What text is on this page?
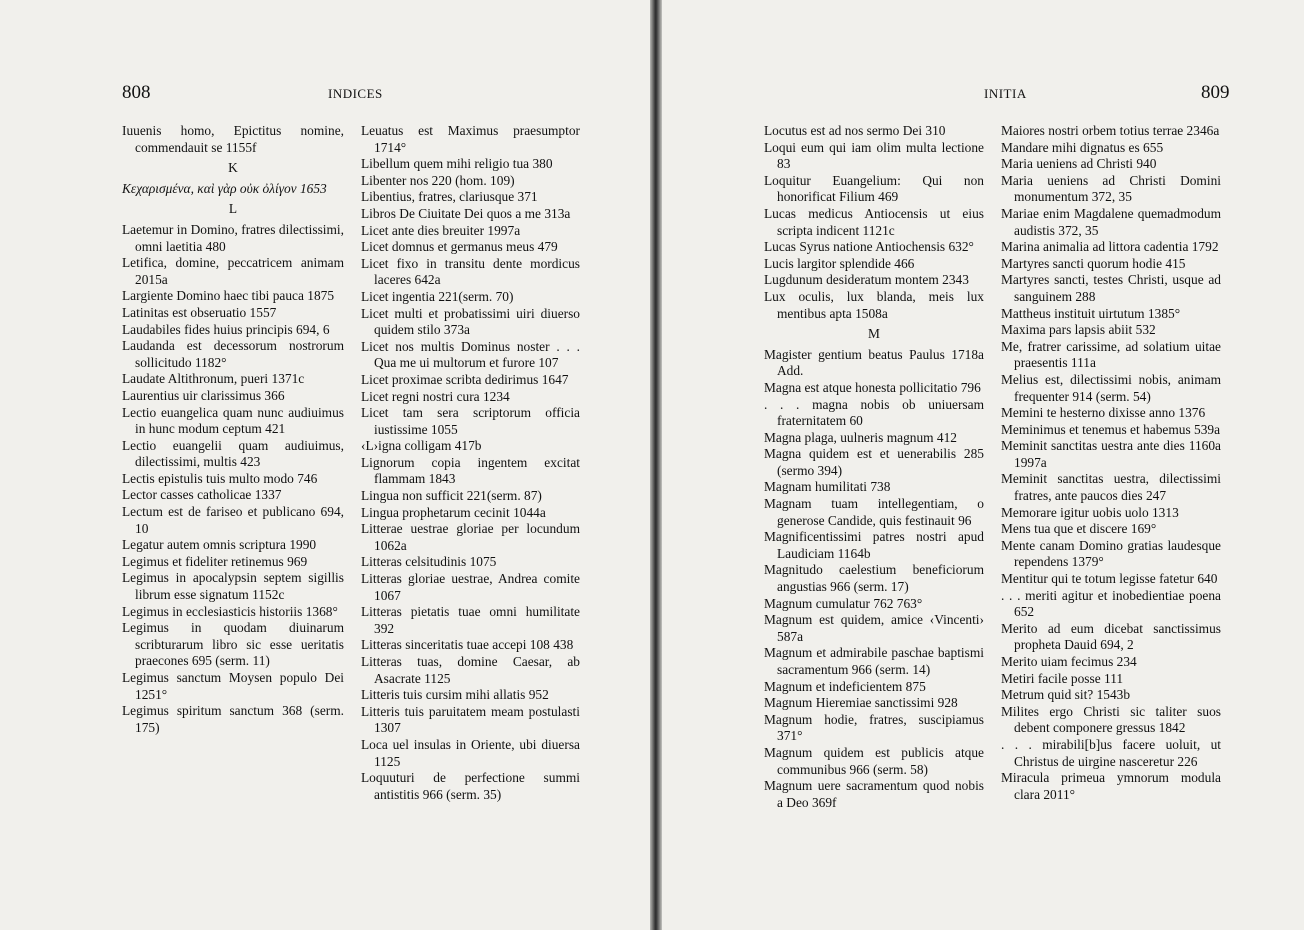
808	INDICES
Iuuenis homo, Epictitus nomine, commendauit se 1155f
K
Κεχαρισμένα, καὶ γὰρ οὐκ ὀλίγον 1653
L
Laetemur in Domino, fratres dilectissimi, omni laetitia 480
Letifica, domine, peccatricem animam 2015a
Largiente Domino haec tibi pauca 1875
Latinitas est obseruatio 1557
Laudabiles fides huius principis 694, 6
Laudanda est decessorum nostrorum sollicitudo 1182°
Laudate Altithronum, pueri 1371c
Laurentius uir clarissimus 366
Lectio euangelica quam nunc audiuimus in hunc modum ceptum 421
Lectio euangelii quam audiuimus, dilectissimi, multis 423
Lectis epistulis tuis multo modo 746
Lector casses catholicae 1337
Lectum est de fariseo et publicano 694, 10
Legatur autem omnis scriptura 1990
Legimus et fideliter retinemus 969
Legimus in apocalypsin septem sigillis librum esse signatum 1152c
Legimus in ecclesiasticis historiis 1368°
Legimus in quodam diuinarum scribturarum libro sic esse ueritatis praecones 695 (serm. 11)
Legimus sanctum Moysen populo Dei 1251°
Legimus spiritum sanctum 368 (serm. 175)
Leuatus est Maximus praesumptor 1714°
Libellum quem mihi religio tua 380
Libenter nos 220 (hom. 109)
Libentius, fratres, clariusque 371
Libros De Ciuitate Dei quos a me 313a
Licet ante dies breuiter 1997a
Licet domnus et germanus meus 479
Licet fixo in transitu dente mordicus laceres 642a
Licet ingentia 221(serm. 70)
Licet multi et probatissimi uiri diuerso quidem stilo 373a
Licet nos multis Dominus noster . . . Qua me ui multorum et furore 107
Licet proximae scribta dedirimus 1647
Licet regni nostri cura 1234
Licet tam sera scriptorum officia iustissime 1055
‹L›igna colligam 417b
Lignorum copia ingentem excitat flammam 1843
Lingua non sufficit 221(serm. 87)
Lingua prophetarum cecinit 1044a
Litterae uestrae gloriae per locundum 1062a
Litteras celsitudinis 1075
Litteras gloriae uestrae, Andrea comite 1067
Litteras pietatis tuae omni humilitate 392
Litteras sinceritatis tuae accepi 108 438
Litteras tuas, domine Caesar, ab Asacrate 1125
Litteris tuis cursim mihi allatis 952
Litteris tuis paruitatem meam postulasti 1307
Loca uel insulas in Oriente, ubi diuersa 1125
Loquuturi de perfectione summi antistitis 966 (serm. 35)
INITIA	809
Locutus est ad nos sermo Dei 310
Loqui eum qui iam olim multa lectione 83
Loquitur Euangelium: Qui non honorificat Filium 469
Lucas medicus Antiocensis ut eius scripta indicent 1121c
Lucas Syrus natione Antiochensis 632°
Lucis largitor splendide 466
Lugdunum desideratum montem 2343
Lux oculis, lux blanda, meis lux mentibus apta 1508a
M
Magister gentium beatus Paulus 1718a Add.
Magna est atque honesta pollicitatio 796
. . . magna nobis ob uniuersam fraternitatem 60
Magna plaga, uulneris magnum 412
Magna quidem est et uenerabilis 285 (sermo 394)
Magnam humilitati 738
Magnam tuam intellegentiam, o generose Candide, quis festinauit 96
Magnificentissimi patres nostri apud Laudiciam 1164b
Magnitudo caelestium beneficiorum angustias 966 (serm. 17)
Magnum cumulatur 762 763°
Magnum est quidem, amice ‹Vincenti› 587a
Magnum et admirabile paschae baptismi sacramentum 966 (serm. 14)
Magnum et indeficientem 875
Magnum Hieremiae sanctissimi 928
Magnum hodie, fratres, suscipiamus 371°
Magnum quidem est publicis atque communibus 966 (serm. 58)
Magnum uere sacramentum quod nobis a Deo 369f
Maiores nostri orbem totius terrae 2346a
Mandare mihi dignatus es 655
Maria ueniens ad Christi 940
Maria ueniens ad Christi Domini monumentum 372, 35
Mariae enim Magdalene quemadmodum audistis 372, 35
Marina animalia ad littora cadentia 1792
Martyres sancti quorum hodie 415
Martyres sancti, testes Christi, usque ad sanguinem 288
Mattheus instituit uirtutum 1385°
Maxima pars lapsis abiit 532
Me, fratrer carissime, ad solatium uitae praesentis 111a
Melius est, dilectissimi nobis, animam frequenter 914 (serm. 54)
Memini te hesterno dixisse anno 1376
Meminimus et tenemus et habemus 539a
Meminit sanctitas uestra ante dies 1160a 1997a
Meminit sanctitas uestra, dilectissimi fratres, ante paucos dies 247
Memorare igitur uobis uolo 1313
Mens tua que et discere 169°
Mente canam Domino gratias laudesque rependens 1379°
Mentitur qui te totum legisse fatetur 640
. . . meriti agitur et inobedientiae poena 652
Merito ad eum dicebat sanctissimus propheta Dauid 694, 2
Merito uiam fecimus 234
Metiri facile posse 111
Metrum quid sit? 1543b
Milites ergo Christi sic taliter suos debent componere gressus 1842
. . . mirabili[b]us facere uoluit, ut Christus de uirgine nasceretur 226
Miracula primeua ymnorum modula clara 2011°
